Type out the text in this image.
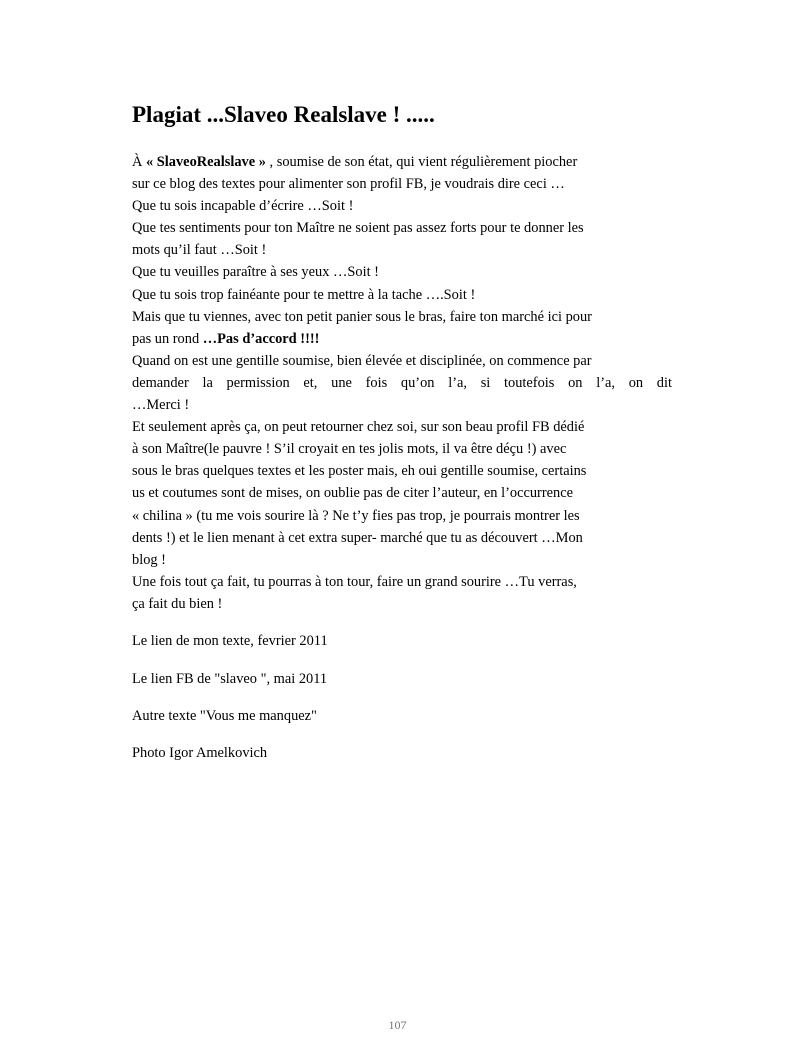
Plagiat ...Slaveo Realslave ! .....
À « SlaveoRealslave » , soumise de son état, qui vient régulièrement piocher
sur ce blog des textes pour alimenter son profil FB, je voudrais dire ceci …
Que tu sois incapable d’écrire …Soit !
Que tes sentiments pour ton Maître ne soient pas assez forts pour te donner les
mots qu’il faut …Soit !
Que tu veuilles paraître à ses yeux …Soit !
Que tu sois trop fainéante pour te mettre à la tache ….Soit !
Mais que tu viennes, avec ton petit panier sous le bras, faire ton marché ici pour
pas un rond …Pas d’accord !!!!
Quand on est une gentille soumise, bien élevée et disciplinée, on commence par
demander la permission et, une fois qu’on l’a, si toutefois on l’a, on dit
…Merci !
Et seulement après ça, on peut retourner chez soi, sur son beau profil FB dédié
à son Maître(le pauvre ! S’il croyait en tes jolis mots, il va être déçu !) avec
sous le bras quelques textes et les poster mais, eh oui gentille soumise, certains
us et coutumes sont de mises, on oublie pas de citer l’auteur, en l’occurrence
« chilina » (tu me vois sourire là ? Ne t’y fies pas trop, je pourrais montrer les
dents !) et le lien menant à cet extra super- marché que tu as découvert …Mon
blog !
Une fois tout ça fait, tu pourras à ton tour, faire un grand sourire …Tu verras,
ça fait du bien !
Le lien de mon texte, fevrier 2011
Le lien FB de "slaveo ", mai 2011
Autre texte "Vous me manquez"
Photo Igor Amelkovich
107
